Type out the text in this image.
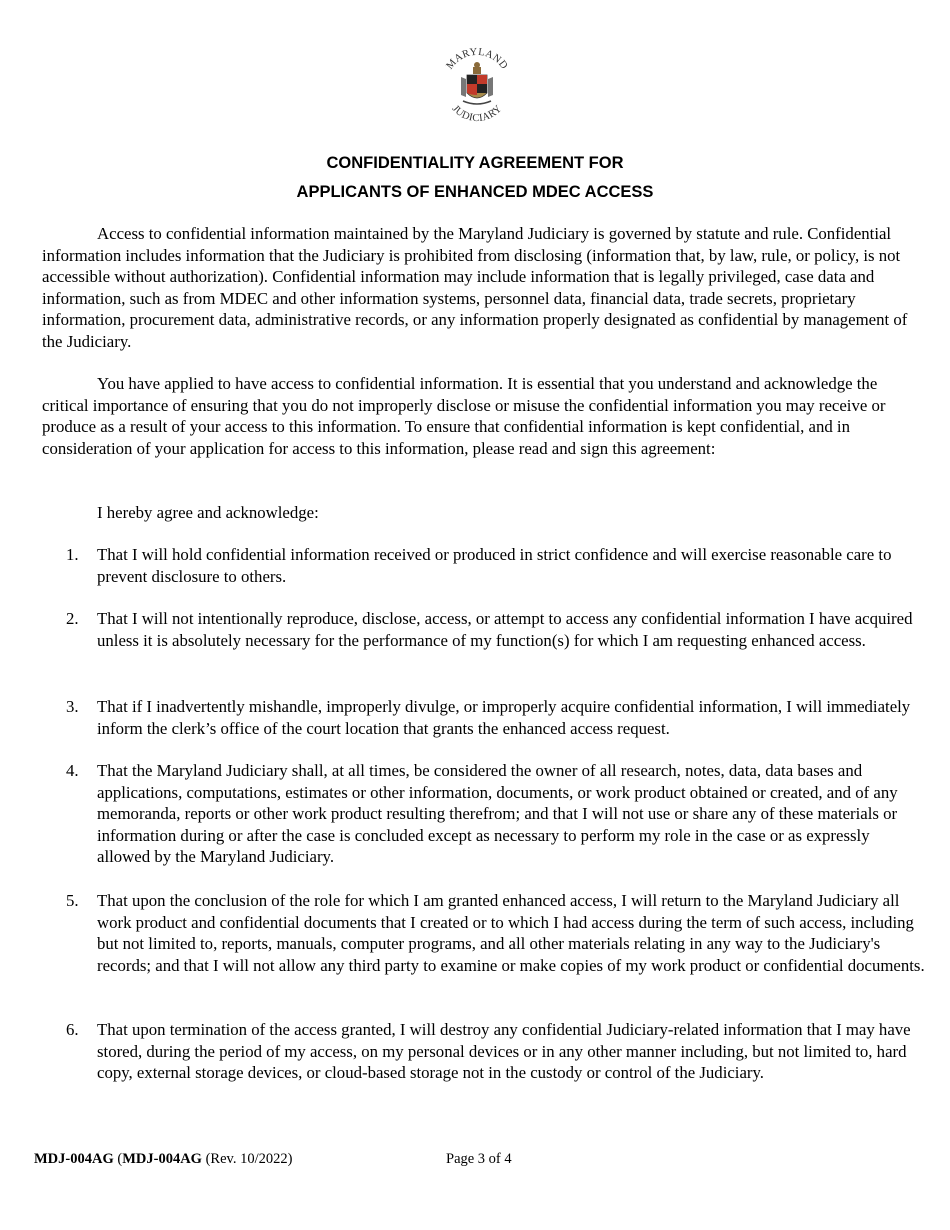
MARYLAND
JUDICIARY
CONFIDENTIALITY AGREEMENT FOR
APPLICANTS OF ENHANCED MDEC ACCESS
Access to confidential information maintained by the Maryland Judiciary is governed by statute and rule. Confidential information includes information that the Judiciary is prohibited from disclosing (information that, by law, rule, or policy, is not accessible without authorization). Confidential information may include information that is legally privileged, case data and information, such as from MDEC and other information systems, personnel data, financial data, trade secrets, proprietary information, procurement data, administrative records, or any information properly designated as confidential by management of the Judiciary.
You have applied to have access to confidential information. It is essential that you understand and acknowledge the critical importance of ensuring that you do not improperly disclose or misuse the confidential information you may receive or produce as a result of your access to this information. To ensure that confidential information is kept confidential, and in consideration of your application for access to this information, please read and sign this agreement:
I hereby agree and acknowledge:
1.	That I will hold confidential information received or produced in strict confidence and will exercise reasonable care to prevent disclosure to others.
2.	That I will not intentionally reproduce, disclose, access, or attempt to access any confidential information I have acquired unless it is absolutely necessary for the performance of my function(s) for which I am requesting enhanced access.
3.	That if I inadvertently mishandle, improperly divulge, or improperly acquire confidential information, I will immediately inform the clerk’s office of the court location that grants the enhanced access request.
4.	That the Maryland Judiciary shall, at all times, be considered the owner of all research, notes, data, data bases and applications, computations, estimates or other information, documents, or work product obtained or created, and of any memoranda, reports or other work product resulting therefrom; and that I will not use or share any of these materials or information during or after the case is concluded except as necessary to perform my role in the case or as expressly allowed by the Maryland Judiciary.
5.	That upon the conclusion of the role for which I am granted enhanced access, I will return to the Maryland Judiciary all work product and confidential documents that I created or to which I had access during the term of such access, including but not limited to, reports, manuals, computer programs, and all other materials relating in any way to the Judiciary's records; and that I will not allow any third party to examine or make copies of my work product or confidential documents.
6.	That upon termination of the access granted, I will destroy any confidential Judiciary-related information that I may have stored, during the period of my access, on my personal devices or in any other manner including, but not limited to, hard copy, external storage devices, or cloud-based storage not in the custody or control of the Judiciary.
MDJ-004AG (MDJ-004AG (Rev. 10/2022)	Page 3 of 4
